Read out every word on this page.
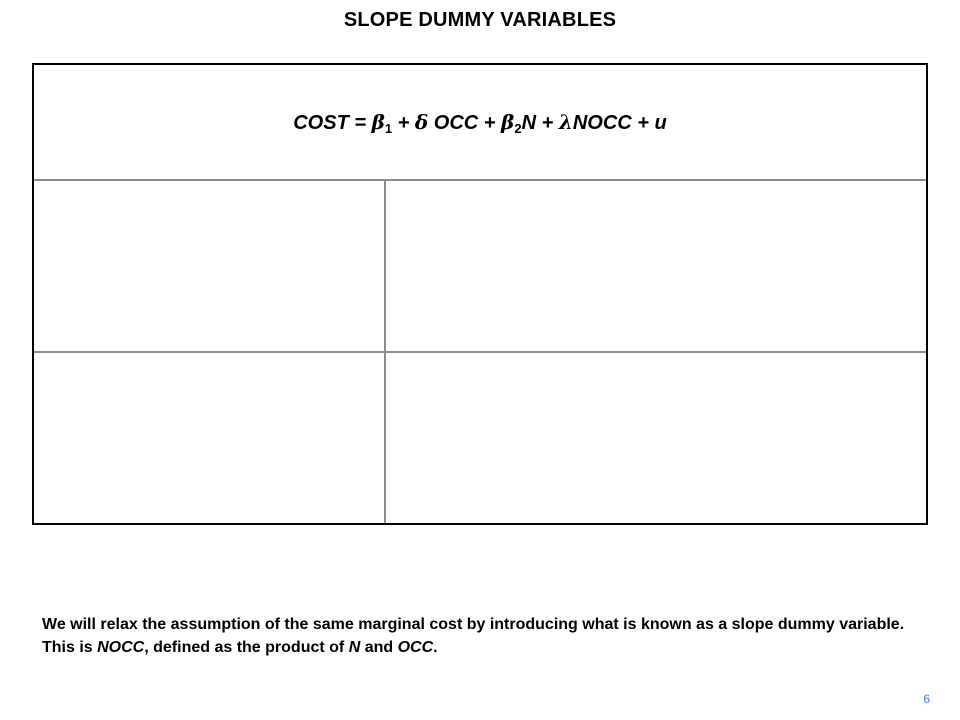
SLOPE DUMMY VARIABLES
COST = $\beta_1 + \delta$ OCC + $\beta_2N$ + λNOCC + u
We will relax the assumption of the same marginal cost by introducing what is known as a slope dummy variable. This is NOCC, defined as the product of N and OCC.
6
